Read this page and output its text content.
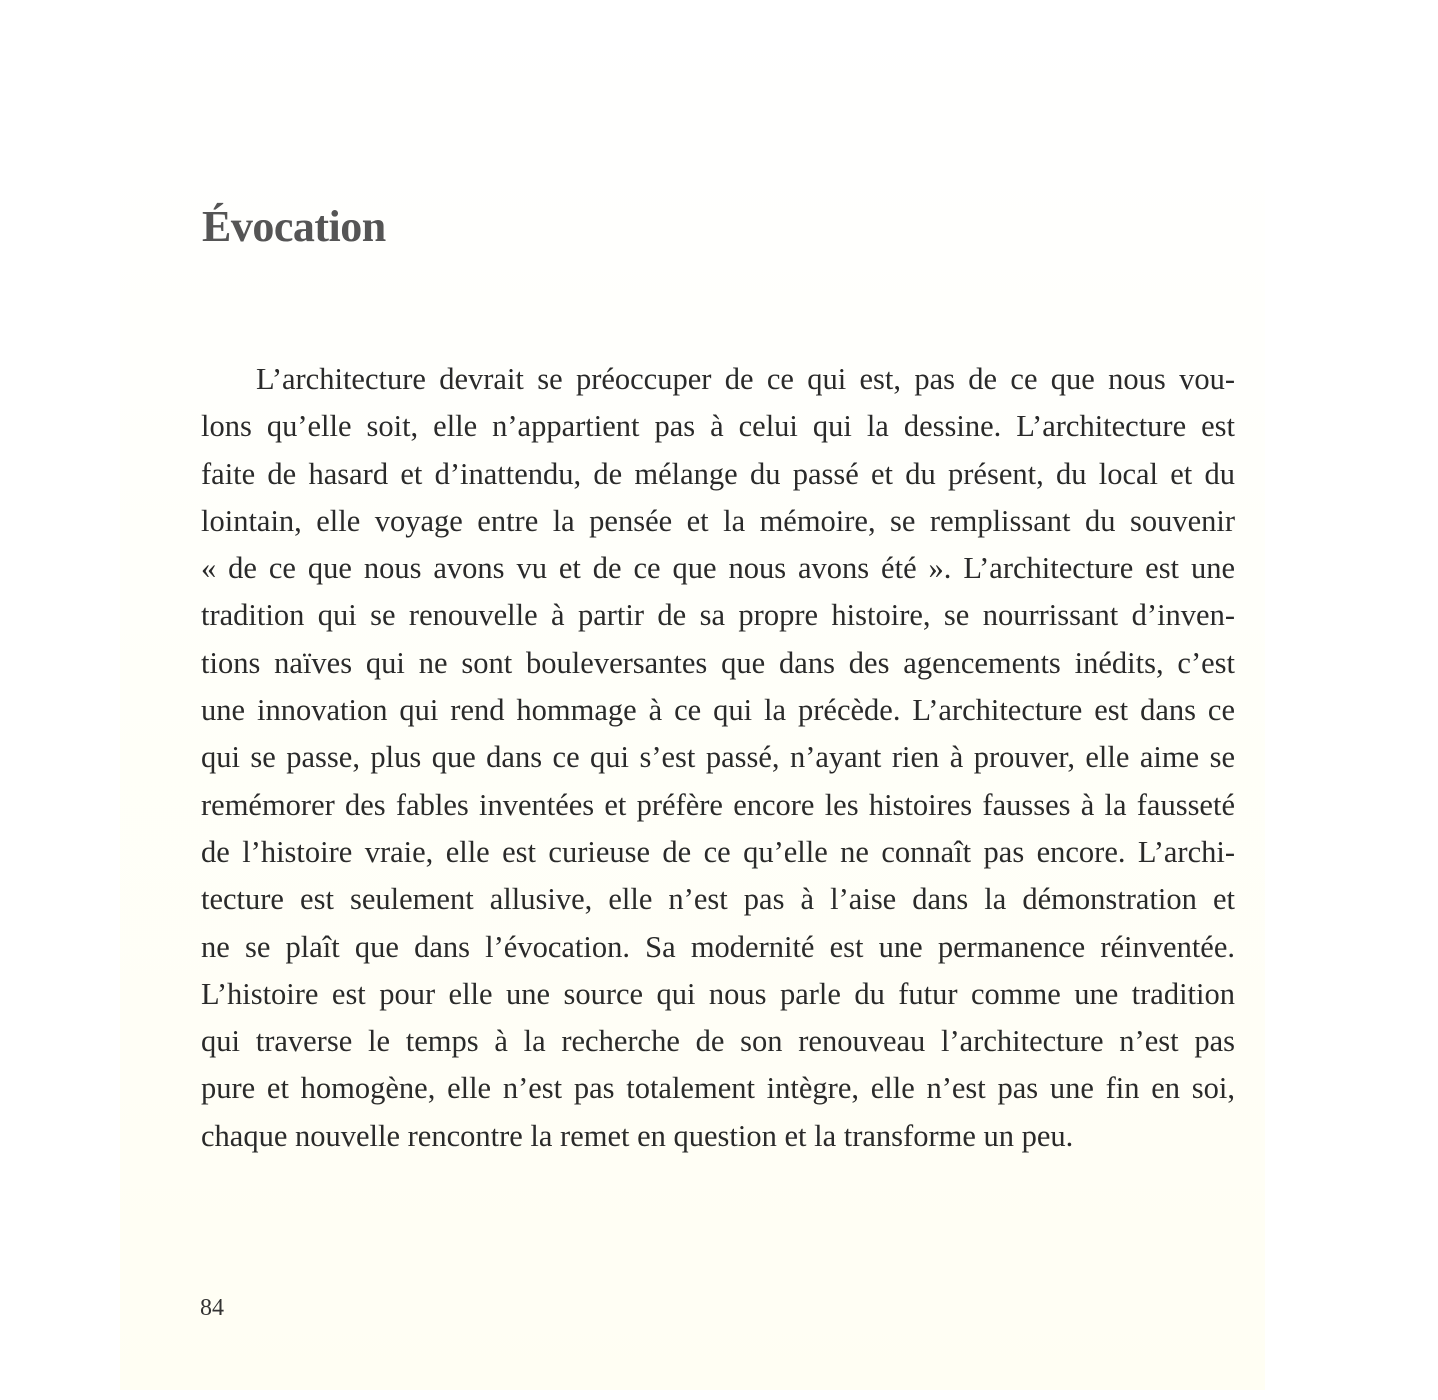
Évocation

L’architecture devrait se préoccuper de ce qui est, pas de ce que nous vou-
lons qu’elle soit, elle n’appartient pas à celui qui la dessine. L’architecture est
faite de hasard et d’inattendu, de mélange du passé et du présent, du local et du
lointain, elle voyage entre la pensée et la mémoire, se remplissant du souvenir
« de ce que nous avons vu et de ce que nous avons été ». L’architecture est une
tradition qui se renouvelle à partir de sa propre histoire, se nourrissant d’inven-
tions naïves qui ne sont bouleversantes que dans des agencements inédits, c’est
une innovation qui rend hommage à ce qui la précède. L’architecture est dans ce
qui se passe, plus que dans ce qui s’est passé, n’ayant rien à prouver, elle aime se
remémorer des fables inventées et préfère encore les histoires fausses à la fausseté
de l’histoire vraie, elle est curieuse de ce qu’elle ne connaît pas encore. L’archi-
tecture est seulement allusive, elle n’est pas à l’aise dans la démonstration et
ne se plaît que dans l’évocation. Sa modernité est une permanence réinventée.
L’histoire est pour elle une source qui nous parle du futur comme une tradition
qui traverse le temps à la recherche de son renouveau l’architecture n’est pas
pure et homogène, elle n’est pas totalement intègre, elle n’est pas une fin en soi,
chaque nouvelle rencontre la remet en question et la transforme un peu.

84
